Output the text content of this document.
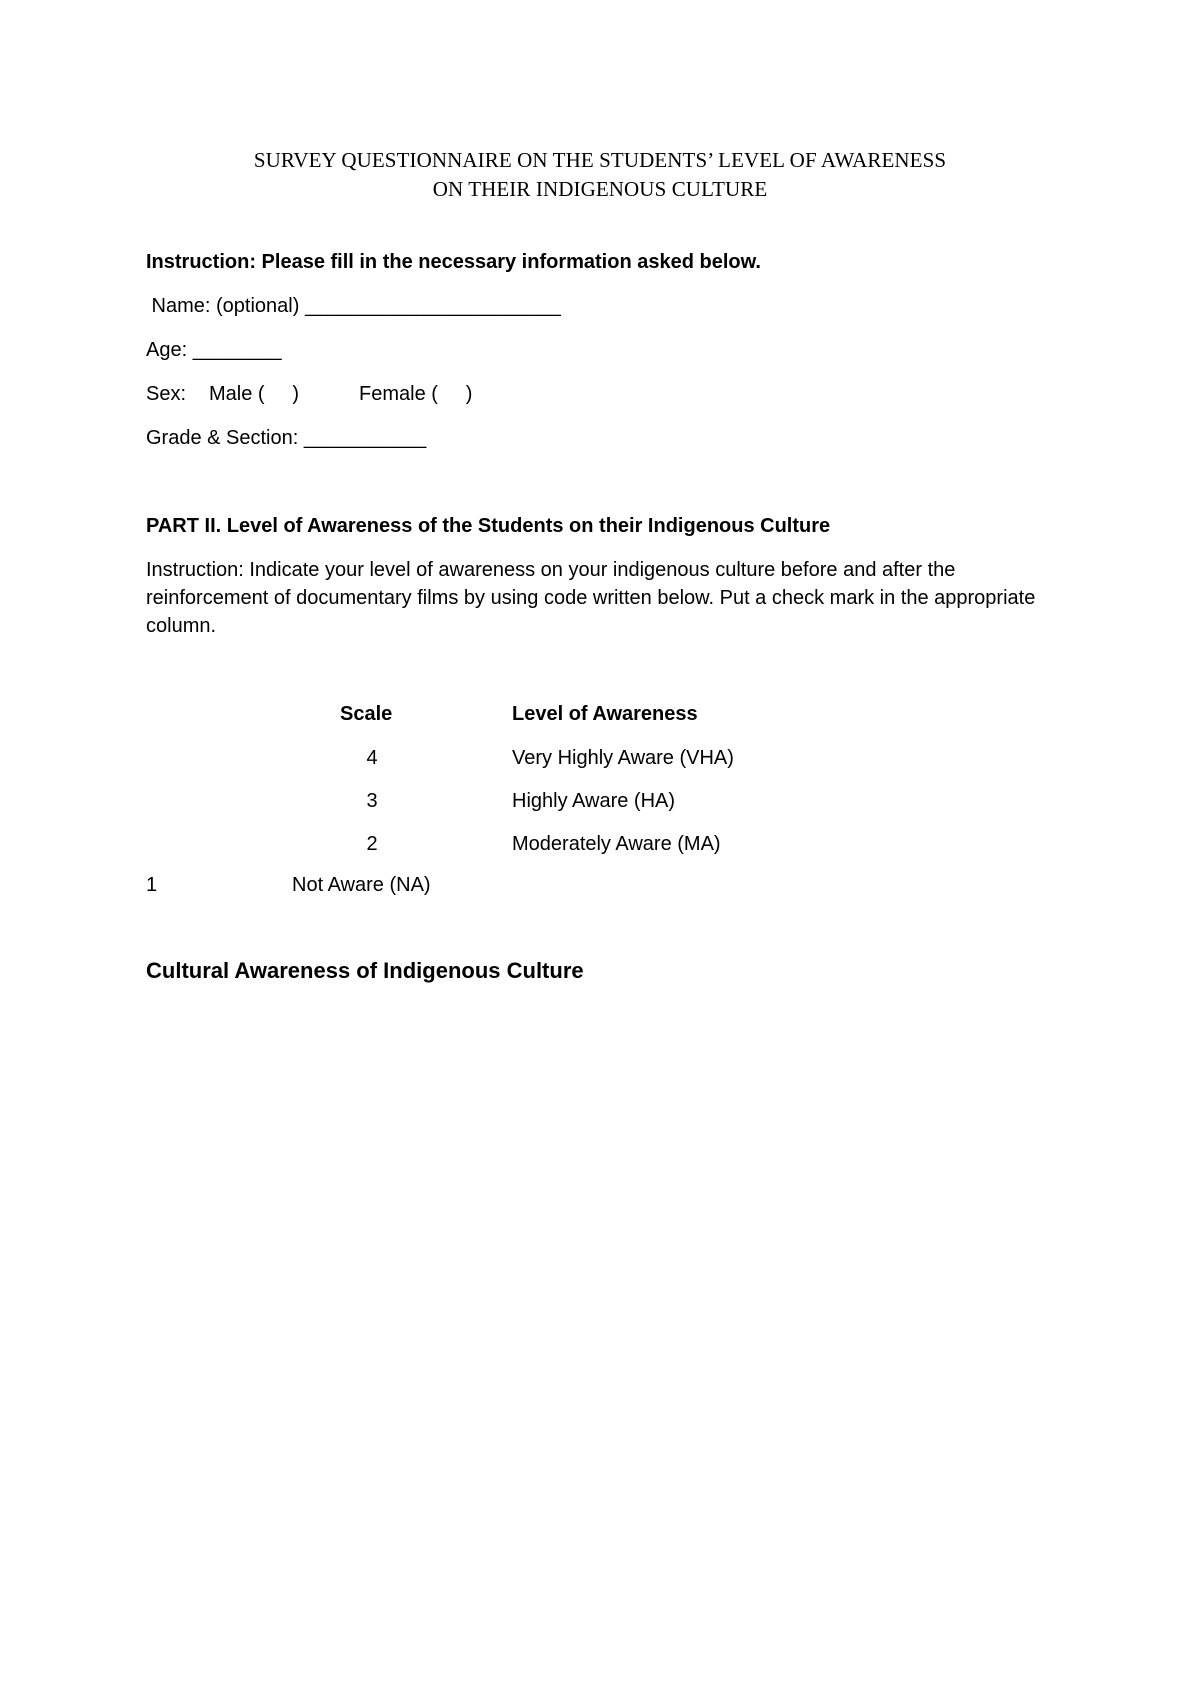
SURVEY QUESTIONNAIRE ON THE STUDENTS’ LEVEL OF AWARENESS
ON THEIR INDIGENOUS CULTURE
Instruction: Please fill in the necessary information asked below.
Name: (optional) _______________________
Age: ________
Sex: Male (     )	Female (     )
Grade & Section: ___________
PART II. Level of Awareness of the Students on their Indigenous Culture
Instruction: Indicate your level of awareness on your indigenous culture before and after the reinforcement of documentary films by using code written below. Put a check mark in the appropriate column.
Scale	Level of Awareness
4	Very Highly Aware (VHA)
3	Highly Aware (HA)
2	Moderately Aware (MA)
1	Not Aware (NA)
Cultural Awareness of Indigenous Culture
